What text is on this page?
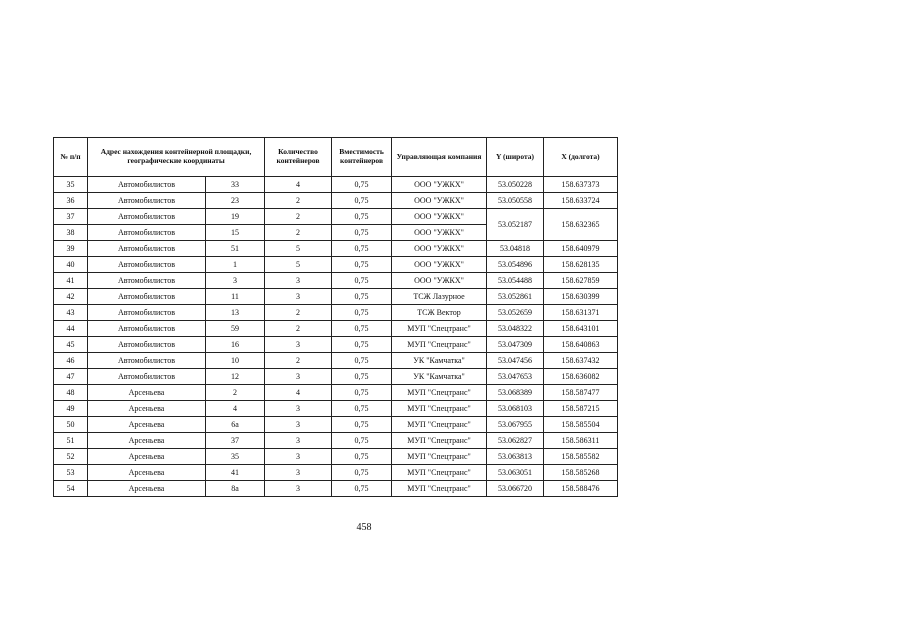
№ п/п	Адрес нахождения контейнерной площадки, географические координаты		Количество контейнеров	Вместимость контейнеров	Управляющая компания	Y (широта)	Х (долгота)
35	Автомобилистов	33	4	0,75	ООО "УЖКХ"	53.050228	158.637373
36	Автомобилистов	23	2	0,75	ООО "УЖКХ"	53.050558	158.633724
37	Автомобилистов	19	2	0,75	ООО "УЖКХ"	53.052187	158.632365
38	Автомобилистов	15	2	0,75	ООО "УЖКХ"		
39	Автомобилистов	51	5	0,75	ООО "УЖКХ"	53.04818	158.640979
40	Автомобилистов	1	5	0,75	ООО "УЖКХ"	53.054896	158.628135
41	Автомобилистов	3	3	0,75	ООО "УЖКХ"	53.054488	158.627859
42	Автомобилистов	11	3	0,75	ТСЖ Лазурное	53.052861	158.630399
43	Автомобилистов	13	2	0,75	ТСЖ Вектор	53.052659	158.631371
44	Автомобилистов	59	2	0,75	МУП "Спецтранс"	53.048322	158.643101
45	Автомобилистов	16	3	0,75	МУП "Спецтранс"	53.047309	158.640863
46	Автомобилистов	10	2	0,75	УК "Камчатка"	53.047456	158.637432
47	Автомобилистов	12	3	0,75	УК "Камчатка"	53.047653	158.636082
48	Арсеньева	2	4	0,75	МУП "Спецтранс"	53.068389	158.587477
49	Арсеньева	4	3	0,75	МУП "Спецтранс"	53.068103	158.587215
50	Арсеньева	6а	3	0,75	МУП "Спецтранс"	53.067955	158.585504
51	Арсеньева	37	3	0,75	МУП "Спецтранс"	53.062827	158.586311
52	Арсеньева	35	3	0,75	МУП "Спецтранс"	53.063813	158.585582
53	Арсеньева	41	3	0,75	МУП "Спецтранс"	53.063051	158.585268
54	Арсеньева	8а	3	0,75	МУП "Спецтранс"	53.066720	158.588476
458
